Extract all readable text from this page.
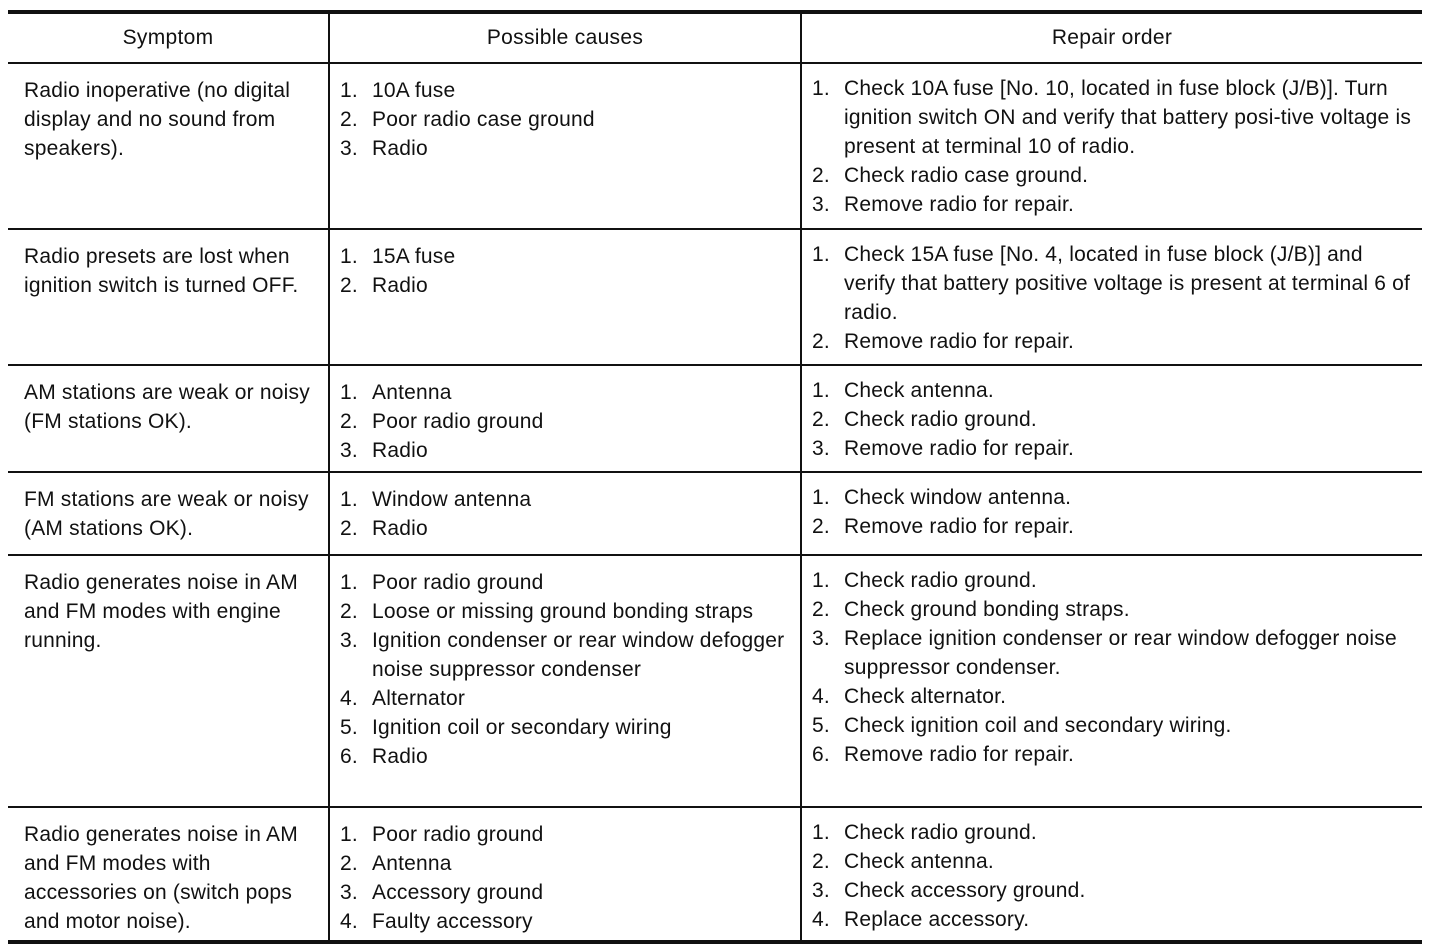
Symptom	Possible causes	Repair order
Radio inoperative (no digital display and no sound from speakers).
1. 10A fuse
2. Poor radio case ground
3. Radio
1. Check 10A fuse [No. 10, located in fuse block (J/B)]. Turn ignition switch ON and verify that battery posi-tive voltage is present at terminal 10 of radio.
2. Check radio case ground.
3. Remove radio for repair.
Radio presets are lost when ignition switch is turned OFF.
1. 15A fuse
2. Radio
1. Check 15A fuse [No. 4, located in fuse block (J/B)] and verify that battery positive voltage is present at terminal 6 of radio.
2. Remove radio for repair.
AM stations are weak or noisy (FM stations OK).
1. Antenna
2. Poor radio ground
3. Radio
1. Check antenna.
2. Check radio ground.
3. Remove radio for repair.
FM stations are weak or noisy (AM stations OK).
1. Window antenna
2. Radio
1. Check window antenna.
2. Remove radio for repair.
Radio generates noise in AM and FM modes with engine running.
1. Poor radio ground
2. Loose or missing ground bonding straps
3. Ignition condenser or rear window defogger noise suppressor condenser
4. Alternator
5. Ignition coil or secondary wiring
6. Radio
1. Check radio ground.
2. Check ground bonding straps.
3. Replace ignition condenser or rear window defogger noise suppressor condenser.
4. Check alternator.
5. Check ignition coil and secondary wiring.
6. Remove radio for repair.
Radio generates noise in AM and FM modes with accessories on (switch pops and motor noise).
1. Poor radio ground
2. Antenna
3. Accessory ground
4. Faulty accessory
1. Check radio ground.
2. Check antenna.
3. Check accessory ground.
4. Replace accessory.
